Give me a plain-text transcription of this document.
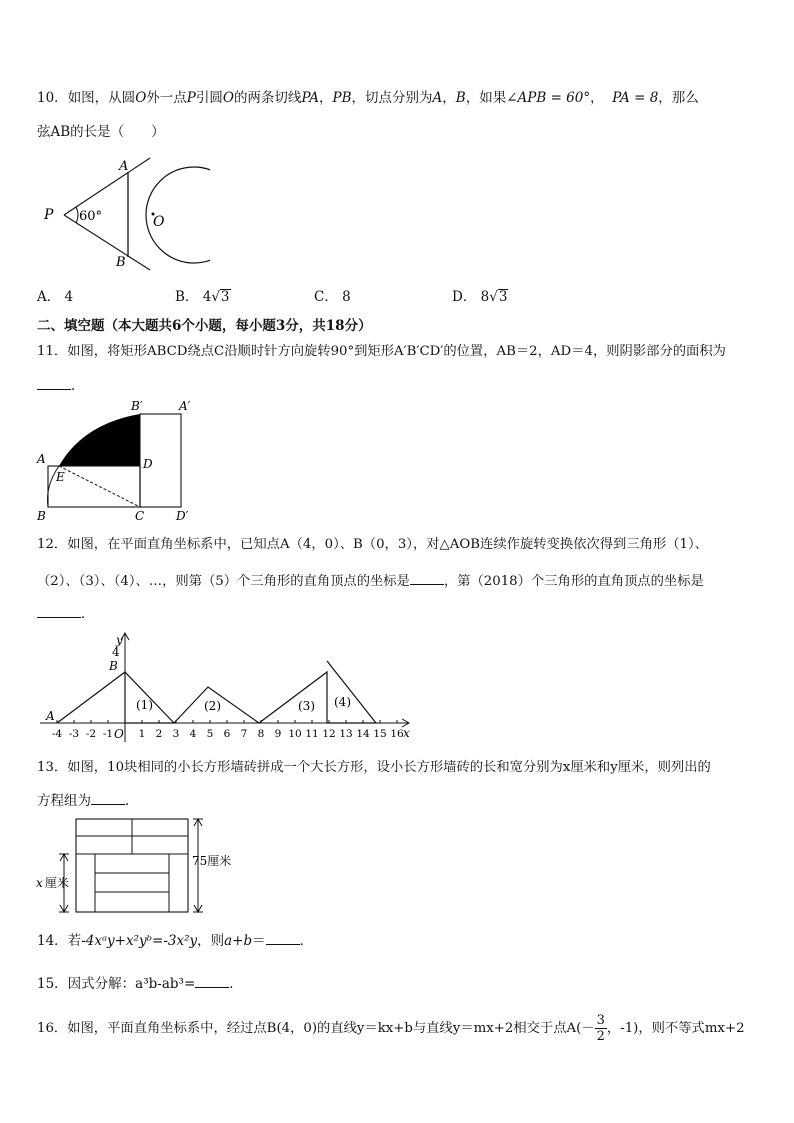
10．如图，从圆O外一点P引圆O的两条切线PA，PB，切点分别为A，B，如果∠APB = 60°， PA = 8，那么
弦AB的长是（　　）
P
A
B
O
60°
A． 4	B． 4√3	C． 8	D． 8√3
二、填空题（本大题共6个小题，每小题3分，共18分）
11．如图，将矩形ABCD绕点C沿顺时针方向旋转90°到矩形A′B′CD′的位置，AB＝2，AD＝4，则阴影部分的面积为
．
B′	A′
A	D
E
B	C	D′
12．如图，在平面直角坐标系中，已知点A（4，0）、B（0，3），对△AOB连续作旋转变换依次得到三角形（1）、
（2）、（3）、（4）、…，则第（5）个三角形的直角顶点的坐标是	，第（2018）个三角形的直角顶点的坐标是
．
y
4
B
A
O	x
(1)	(2)	(3) (4)
-4 -3 -2 -1 1 2 3 4 5 6 7 8 9 10 11 12 13 14 15 16
13．如图，10块相同的小长方形墙砖拼成一个大长方形，设小长方形墙砖的长和宽分别为x厘米和y厘米，则列出的
方程组为	．
75厘米
x 厘米
14．若-4xᵃy+x²yᵇ=-3x²y，则a+b＝	．
15．因式分解：a³b-ab³=	．
16．如图，平面直角坐标系中，经过点B(4，0)的直线y＝kx+b与直线y＝mx+2相交于点$A(- \frac{3}{2}$ ，-1)，则不等式mx+2
